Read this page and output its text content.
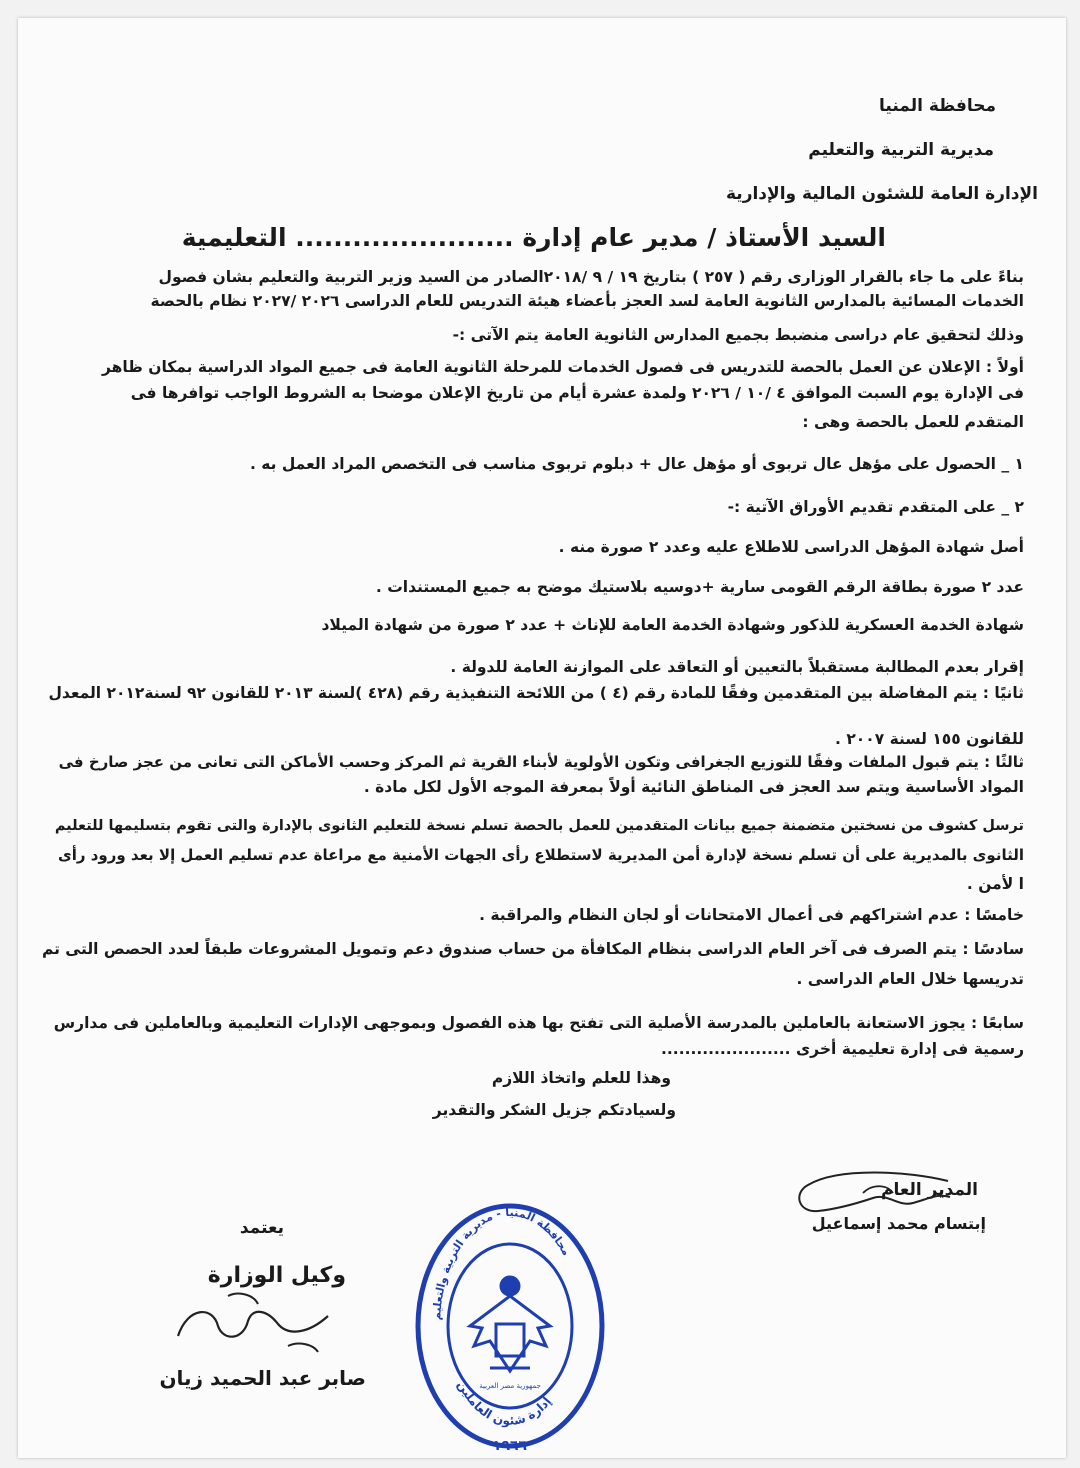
محافظة المنيا
مديرية التربية والتعليم
الإدارة العامة للشئون المالية والإدارية
السيد الأستاذ / مدير عام إدارة ....................... التعليمية
بناءً على ما جاء بالقرار الوزارى رقم ( ٢٥٧ ) بتاريخ ١٩ / ٩ /٢٠١٨الصادر من السيد وزير التربية والتعليم بشان فصول
الخدمات المسائية بالمدارس الثانوية العامة لسد العجز بأعضاء هيئة التدريس للعام الدراسى ٢٠٢٦ /٢٠٢٧ نظام بالحصة
وذلك لتحقيق عام دراسى منضبط بجميع المدارس الثانوية العامة يتم الآتى :-
أولاً : الإعلان عن العمل بالحصة للتدريس فى فصول الخدمات للمرحلة الثانوية العامة فى جميع المواد الدراسية بمكان ظاهر
فى الإدارة يوم السبت الموافق ٤ /١٠ / ٢٠٢٦ ولمدة عشرة أيام من تاريخ الإعلان موضحا به الشروط الواجب توافرها فى
المتقدم للعمل بالحصة وهى :
١ _ الحصول على مؤهل عال تربوى أو مؤهل عال + دبلوم تربوى مناسب فى التخصص المراد العمل به .
٢ _ على المتقدم تقديم الأوراق الآتية :-
أصل شهادة المؤهل الدراسى للاطلاع عليه وعدد ٢ صورة منه .
عدد ٢ صورة بطاقة الرقم القومى سارية +دوسيه بلاستيك موضح به جميع المستندات .
شهادة الخدمة العسكرية للذكور وشهادة الخدمة العامة للإناث + عدد ٢ صورة من شهادة الميلاد
إقرار بعدم المطالبة مستقبلاً بالتعيين أو التعاقد على الموازنة العامة للدولة .
ثانيًا : يتم المفاضلة بين المتقدمين وفقًا للمادة رقم (٤ ) من اللائحة التنفيذية رقم (٤٢٨ )لسنة ٢٠١٣ للقانون ٩٢ لسنة٢٠١٢ المعدل
للقانون ١٥٥ لسنة ٢٠٠٧ .
ثالثًا : يتم قبول الملفات وفقًا للتوزيع الجغرافى وتكون الأولوية لأبناء القرية ثم المركز وحسب الأماكن التى تعانى من عجز صارخ فى
المواد الأساسية ويتم سد العجز فى المناطق النائية أولاً بمعرفة الموجه الأول لكل مادة .
ترسل كشوف من نسختين متضمنة جميع بيانات المتقدمين للعمل بالحصة تسلم نسخة للتعليم الثانوى بالإدارة والتى تقوم بتسليمها للتعليم
الثانوى بالمديرية على أن تسلم نسخة لإدارة أمن المديرية لاستطلاع رأى الجهات الأمنية مع مراعاة عدم تسليم العمل إلا بعد ورود رأى
ا لأمن .
خامسًا : عدم اشتراكهم فى أعمال الامتحانات أو لجان النظام والمراقبة .
سادسًا : يتم الصرف فى آخر العام الدراسى بنظام المكافأة من حساب صندوق دعم وتمويل المشروعات طبقاً لعدد الحصص التى تم
تدريسها خلال العام الدراسى .
سابعًا : يجوز الاستعانة بالعاملين بالمدرسة الأصلية التى تفتح بها هذه الفصول وبموجهى الإدارات التعليمية وبالعاملين فى مدارس
رسمية فى إدارة تعليمية أخرى ......................
وهذا للعلم واتخاذ اللازم
ولسيادتكم جزيل الشكر والتقدير
المدير العام
إبتسام محمد إسماعيل
يعتمد
وكيل الوزارة
صابر عبد الحميد زيان
محافظة المنيا - مديرية التربية والتعليم
إدارة شئون العاملين
جمهورية مصر العربية
١٩٦٦
